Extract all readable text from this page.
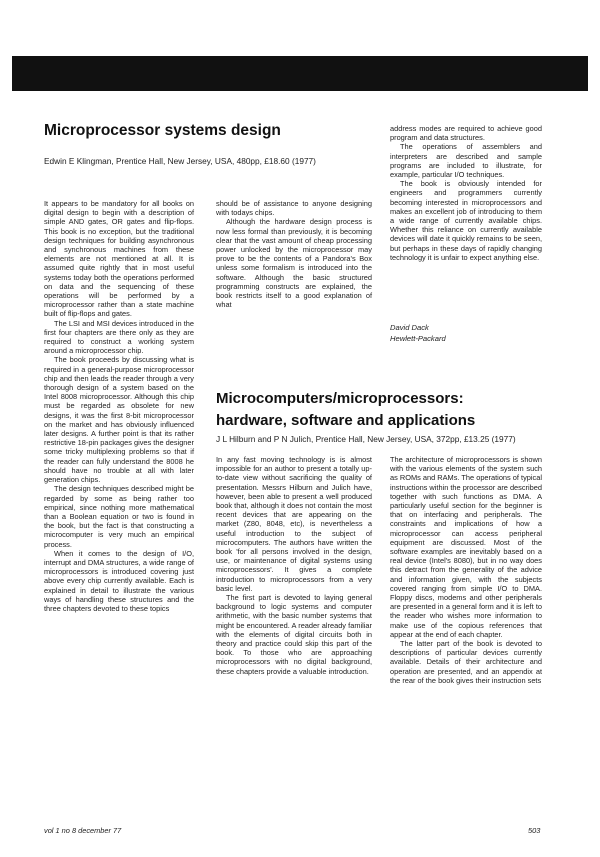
Microprocessor systems design
Edwin E Klingman, Prentice Hall, New Jersey, USA, 480pp, £18.60 (1977)

It appears to be mandatory for all books on digital design to begin with a description of simple AND gates, OR gates and flip-flops. This book is no exception, but the traditional design techniques for building asynchronous and synchronous machines from these elements are not mentioned at all. It is assumed quite rightly that in most useful systems today both the operations performed on data and the sequencing of these operations will be performed by a microprocessor rather than a state machine built of flip-flops and gates.

The LSI and MSI devices introduced in the first four chapters are there only as they are required to construct a working system around a microprocessor chip.

The book proceeds by discussing what is required in a general-purpose microprocessor chip and then leads the reader through a very thorough design of a system based on the Intel 8008 microprocessor. Although this chip must be regarded as obsolete for new designs, it was the first 8-bit microprocessor on the market and has obviously influenced later designs. A further point is that its rather restrictive 18-pin packages gives the designer some tricky multiplexing problems so that if the reader can fully understand the 8008 he should have no trouble at all with later generation chips.

The design techniques described might be regarded by some as being rather too empirical, since nothing more mathematical than a Boolean equation or two is found in the book, but the fact is that constructing a microcomputer is very much an empirical process.

When it comes to the design of I/O, interrupt and DMA structures, a wide range of microprocessors is introduced covering just above every chip currently available. Each is explained in detail to illustrate the various ways of handling these structures and the three chapters devoted to these topics

should be of assistance to anyone designing with todays chips.

Although the hardware design process is now less formal than previously, it is becoming clear that the vast amount of cheap processing power unlocked by the microprocessor may prove to be the contents of a Pandora's Box unless some formalism is introduced into the software. Although the basic structured programming constructs are explained, the book restricts itself to a good explanation of what

address modes are required to achieve good program and data structures.

The operations of assemblers and interpreters are described and sample programs are included to illustrate, for example, particular I/O techniques.

The book is obviously intended for engineers and programmers currently becoming interested in microprocessors and makes an excellent job of introducing to them a wide range of currently available chips. Whether this reliance on currently available devices will date it quickly remains to be seen, but perhaps in these days of rapidly changing technology it is unfair to expect anything else.

David Dack
Hewlett-Packard
Microcomputers/microprocessors:
hardware, software and applications
J L Hilburn and P N Julich, Prentice Hall, New Jersey, USA, 372pp, £13.25 (1977)

In any fast moving technology is is almost impossible for an author to present a totally up-to-date view without sacrificing the quality of presentation. Messrs Hilburn and Julich have, however, been able to present a well produced book that, although it does not contain the most recent devices that are appearing on the market (Z80, 8048, etc), is nevertheless a useful introduction to the subject of microcomputers. The authors have written the book 'for all persons involved in the design, use, or maintenance of digital systems using microprocessors'. It gives a complete introduction to microprocessors from a very basic level.

The first part is devoted to laying general background to logic systems and computer arithmetic, with the basic number systems that might be encountered. A reader already familiar with the elements of digital circuits both in theory and practice could skip this part of the book. To those who are approaching microprocessors with no digital background, these chapters provide a valuable introduction.

The architecture of microprocessors is shown with the various elements of the system such as ROMs and RAMs. The operations of typical instructions within the processor are described together with such functions as DMA. A particularly useful section for the beginner is that on interfacing and peripherals. The constraints and implications of how a microprocessor can access peripheral equipment are discussed. Most of the software examples are inevitably based on a real device (Intel's 8080), but in no way does this detract from the generality of the advice and information given, with the subjects covered ranging from simple I/O to DMA. Floppy discs, modems and other peripherals are presented in a general form and it is left to the reader who wishes more information to make use of the copious references that appear at the end of each chapter.

The latter part of the book is devoted to descriptions of particular devices currently available. Details of their architecture and operation are presented, and an appendix at the rear of the book gives their instruction sets

vol 1 no 8 december 77	503
